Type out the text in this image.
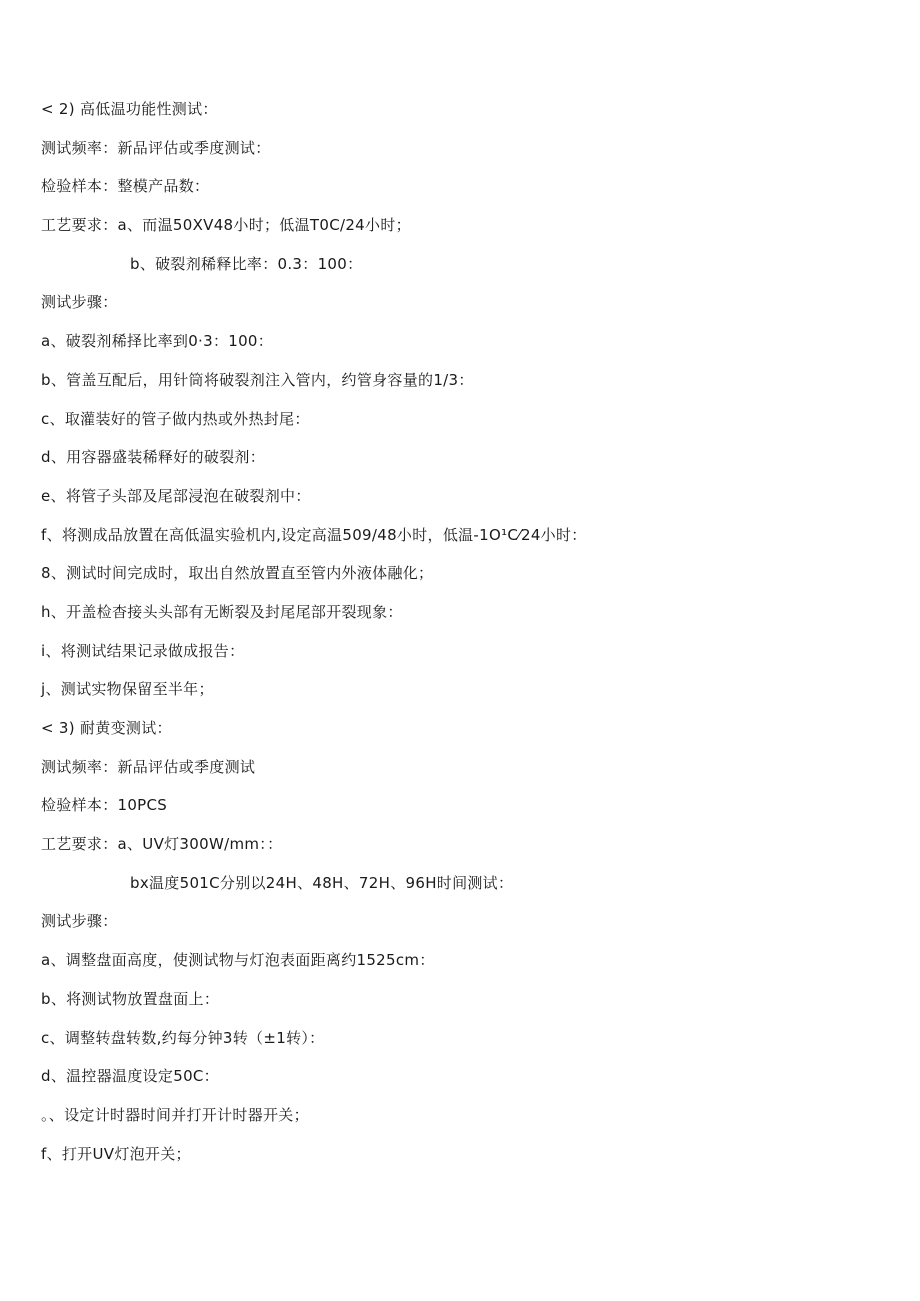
< 2) 高低温功能性测试：
测试频率：新品评估或季度测试：
检验样本：整模产品数：
工艺要求：a、而温50XV48小时；低温T0C/24小时；
b、破裂剂稀释比率：0.3：100：
测试步骤：
a、破裂剂稀择比率到0·3：100：
b、管盖互配后，用针筒将破裂剂注入管内，约管身容量的1/3：
c、取灌装好的管子做内热或外热封尾：
d、用容器盛装稀释好的破裂剂：
e、将管子头部及尾部浸泡在破裂剂中：
f、将测成品放置在高低温实验机内,设定高温509/48小时，低温-1O¹C⁄24小时：
8、测试时间完成时，取出自然放置直至管内外液体融化；
h、开盖检杳接头头部有无断裂及封尾尾部开裂现象：
i、将测试结果记录做成报告：
j、测试实物保留至半年；
< 3) 耐黄变测试：
测试频率：新品评估或季度测试
检验样本：10PCS
工艺要求：a、UV灯300W/mm：：
bx温度501C分别以24H、48H、72H、96H时间测试：
测试步骤：
a、调整盘面高度，使测试物与灯泡表面距离约1525cm：
b、将测试物放置盘面上：
c、调整转盘转数,约每分钟3转（±1转）：
d、温控器温度设定50C：
。、设定计时器时间并打开计时器开关；
f、打开UV灯泡开关；
